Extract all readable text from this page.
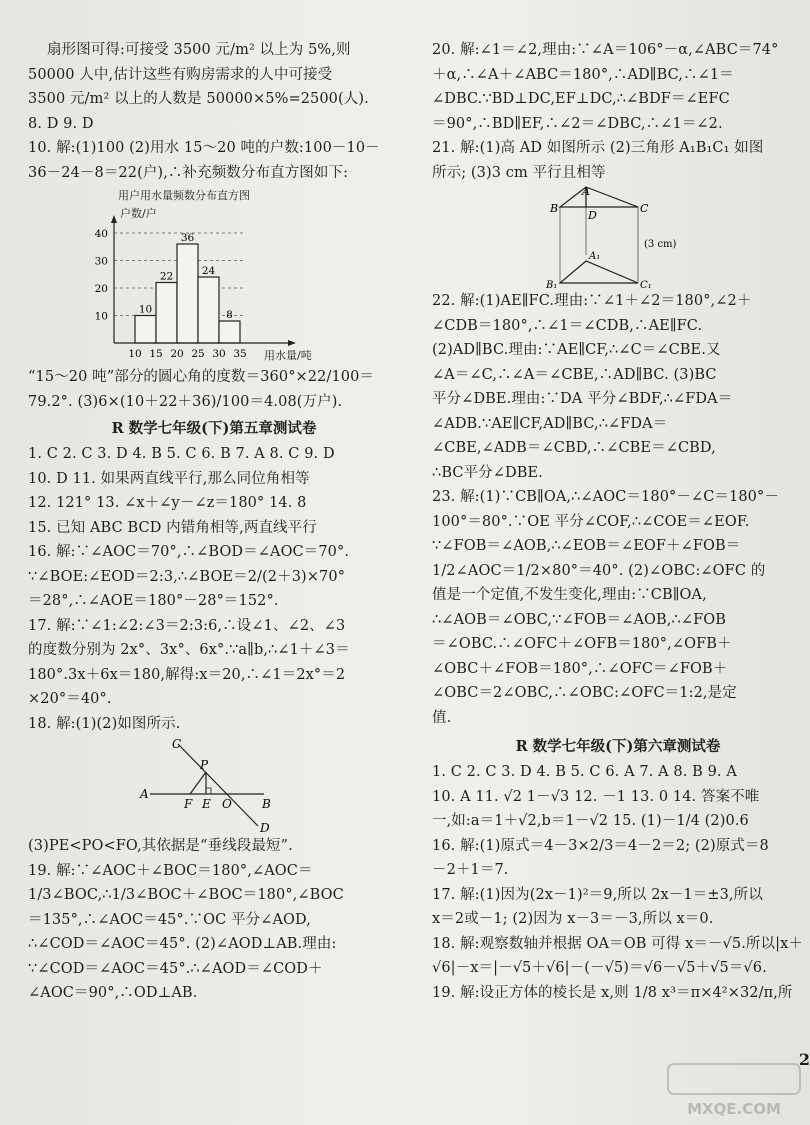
扇形图可得:可接受 3500 元/m² 以上为 5%,则
50000 人中,估计这些有购房需求的人中可接受
3500 元/m² 以上的人数是 50000×5%=2500(人).
8. D 9. D
10. 解:(1)100 (2)用水 15～20 吨的户数:100－10－
36－24－8＝22(户),∴补充频数分布直方图如下:
用户用水量频数分布直方图
户数/户
用水量/吨
10
20
30
40
10
22
36
24
8
10 15 20 25 30 35
“15～20 吨”部分的圆心角的度数＝360°×22/100＝
79.2°. (3)6×(10＋22＋36)/100＝4.08(万户).
R 数学七年级(下)第五章测试卷
1. C 2. C 3. D 4. B 5. C 6. B 7. A 8. C 9. D
10. D 11. 如果两直线平行,那么同位角相等
12. 121° 13. ∠x＋∠y－∠z＝180° 14. 8
15. 已知 ABC BCD 内错角相等,两直线平行
16. 解:∵∠AOC＝70°,∴∠BOD＝∠AOC＝70°.
∵∠BOE:∠EOD＝2:3,∴∠BOE＝2/(2＋3)×70°
＝28°,∴∠AOE＝180°－28°＝152°.
17. 解:∵∠1:∠2:∠3＝2:3:6,∴设∠1、∠2、∠3
的度数分别为 2x°、3x°、6x°.∵a∥b,∴∠1＋∠3＝
180°.3x＋6x＝180,解得:x＝20,∴∠1＝2x°＝2
×20°＝40°.
18. 解:(1)(2)如图所示.
C
P
A
F E O	B
D
(3)PE<PO<FO,其依据是“垂线段最短”.
19. 解:∵∠AOC＋∠BOC＝180°,∠AOC＝
1/3∠BOC,∴1/3∠BOC＋∠BOC＝180°,∠BOC
＝135°,∴∠AOC＝45°.∵OC 平分∠AOD,
∴∠COD＝∠AOC＝45°. (2)∠AOD⊥AB.理由:
∵∠COD＝∠AOC＝45°.∴∠AOD＝∠COD＋
∠AOC＝90°,∴OD⊥AB.
20. 解:∠1＝∠2,理由:∵∠A＝106°－α,∠ABC＝74°
＋α,∴∠A＋∠ABC＝180°,∴AD∥BC,∴∠1＝
∠DBC.∵BD⊥DC,EF⊥DC,∴∠BDF＝∠EFC
＝90°,∴BD∥EF,∴∠2＝∠DBC,∴∠1＝∠2.
21. 解:(1)高 AD 如图所示 (2)三角形 A₁B₁C₁ 如图
所示; (3)3 cm 平行且相等
A
B	C
D
A₁
B₁	C₁
(3 cm)
22. 解:(1)AE∥FC.理由:∵∠1＋∠2＝180°,∠2＋
∠CDB＝180°,∴∠1＝∠CDB,∴AE∥FC.
(2)AD∥BC.理由:∵AE∥CF,∴∠C＝∠CBE.又
∠A＝∠C,∴∠A＝∠CBE,∴AD∥BC. (3)BC
平分∠DBE.理由:∵DA 平分∠BDF,∴∠FDA＝
∠ADB.∵AE∥CF,AD∥BC,∴∠FDA＝
∠CBE,∠ADB＝∠CBD,∴∠CBE＝∠CBD,
∴BC平分∠DBE.
23. 解:(1)∵CB∥OA,∴∠AOC＝180°－∠C＝180°－
100°＝80°.∵OE 平分∠COF,∴∠COE＝∠EOF.
∵∠FOB＝∠AOB,∴∠EOB＝∠EOF＋∠FOB＝
1/2∠AOC＝1/2×80°＝40°. (2)∠OBC:∠OFC 的
值是一个定值,不发生变化,理由:∵CB∥OA,
∴∠AOB＝∠OBC,∵∠FOB＝∠AOB,∴∠FOB
＝∠OBC.∴∠OFC＋∠OFB＝180°,∠OFB＋
∠OBC＋∠FOB＝180°,∴∠OFC＝∠FOB＋
∠OBC＝2∠OBC,∴∠OBC:∠OFC＝1:2,是定
值.
R 数学七年级(下)第六章测试卷
1. C 2. C 3. D 4. B 5. C 6. A 7. A 8. B 9. A
10. A 11. √2 1－√3 12. －1 13. 0 14. 答案不唯
一,如:a＝1＋√2,b＝1－√2 15. (1)－1/4 (2)0.6
16. 解:(1)原式＝4－3×2/3＝4－2＝2; (2)原式＝8
－2＋1＝7.
17. 解:(1)因为(2x－1)²＝9,所以 2x－1＝±3,所以
x＝2或－1; (2)因为 x－3＝－3,所以 x＝0.
18. 解:观察数轴并根据 OA＝OB 可得 x＝－√5.所以|x＋
√6|－x＝|－√5＋√6|－(－√5)＝√6－√5＋√5＝√6.
19. 解:设正方体的棱长是 x,则 1/8 x³＝π×4²×32/π,所
2
MXQE.COM
